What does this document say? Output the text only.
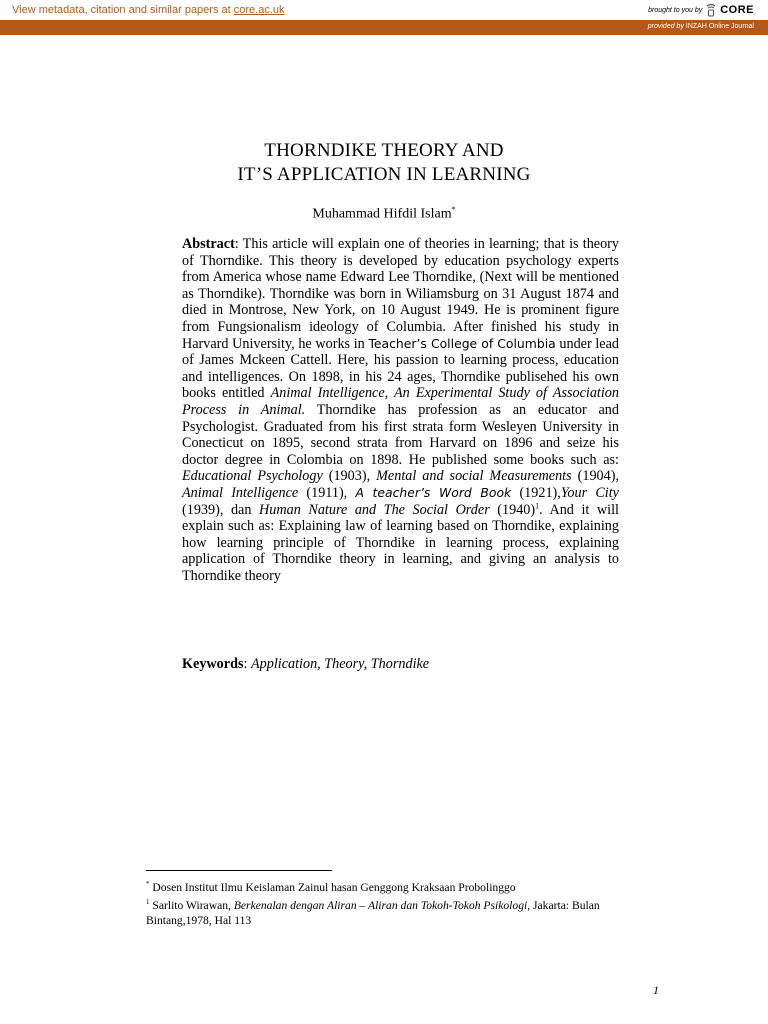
View metadata, citation and similar papers at core.ac.uk	brought to you by CORE
provided by INZAH Online Journal
THORNDIKE THEORY AND
IT’S APPLICATION IN LEARNING
Muhammad Hifdil Islam*

Abstract: This article will explain one of theories in learning; that is theory of Thorndike. This theory is developed by education psychology experts from America whose name Edward Lee Thorndike, (Next will be mentioned as Thorndike). Thorndike was born in Wiliamsburg on 31 August 1874 and died in Montrose, New York, on 10 August 1949. He is prominent figure from Fungsionalism ideology of Columbia. After finished his study in Harvard University, he works in Teacher’s College of Columbia under lead of James Mckeen Cattell. Here, his passion to learning process, education and intelligences. On 1898, in his 24 ages, Thorndike publisehed his own books entitled Animal Intelligence, An Experimental Study of Association Process in Animal. Thorndike has profession as an educator and Psychologist. Graduated from his first strata form Wesleyen University in Conecticut on 1895, second strata from Harvard on 1896 and seize his doctor degree in Colombia on 1898. He published some books such as: Educational Psychology (1903), Mental and social Measurements (1904), Animal Intelligence (1911), A teacher’s Word Book (1921),Your City (1939), dan Human Nature and The Social Order $(1940)^1$. And it will explain such as: Explaining law of learning based on Thorndike, explaining how learning principle of Thorndike in learning process, explaining application of Thorndike theory in learning, and giving an analysis to Thorndike theory

Keywords: Application, Theory, Thorndike

* Dosen Institut Ilmu Keislaman Zainul hasan Genggong Kraksaan Probolinggo

$^1$ Sarlito Wirawan, Berkenalan dengan Aliran – Aliran dan Tokoh-Tokoh Psikologi, Jakarta: Bulan Bintang,1978, Hal 113

1
